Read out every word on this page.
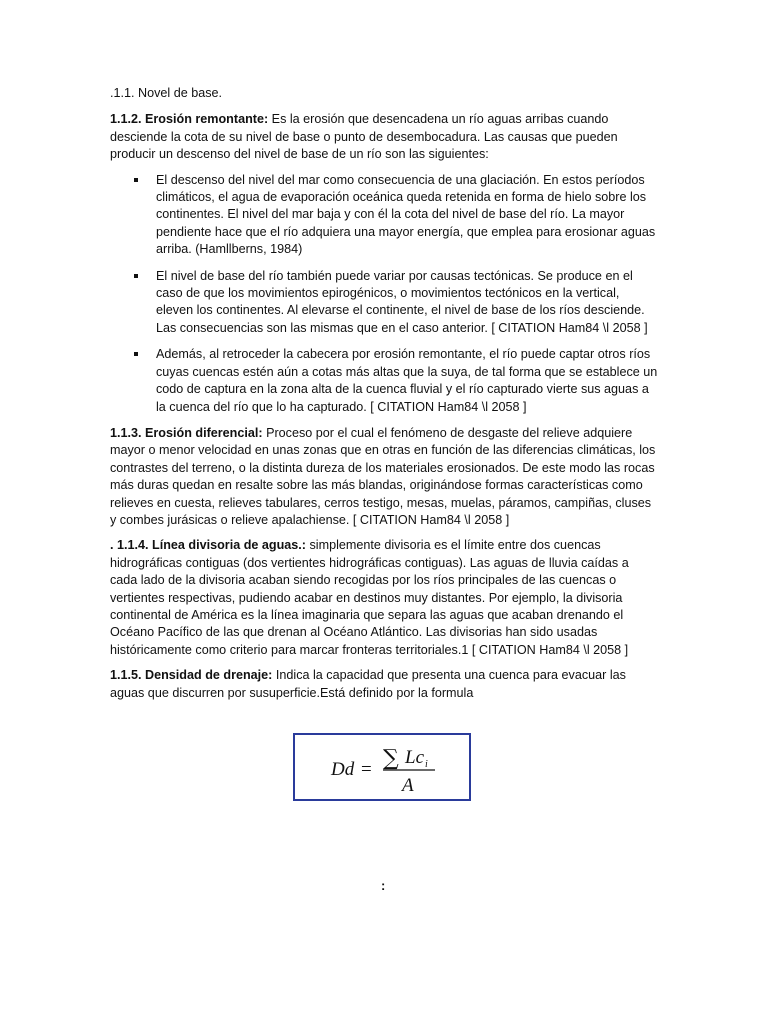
.1.1. Novel de base.

1.1.2. Erosión remontante: Es la erosión que desencadena un río aguas arribas cuando desciende la cota de su nivel de base o punto de desembocadura. Las causas que pueden producir un descenso del nivel de base de un río son las siguientes:

El descenso del nivel del mar como consecuencia de una glaciación. En estos períodos climáticos, el agua de evaporación oceánica queda retenida en forma de hielo sobre los continentes. El nivel del mar baja y con él la cota del nivel de base del río. La mayor pendiente hace que el río adquiera una mayor energía, que emplea para erosionar aguas arriba. (Hamllberns, 1984)
El nivel de base del río también puede variar por causas tectónicas. Se produce en el caso de que los movimientos epirogénicos, o movimientos tectónicos en la vertical, eleven los continentes. Al elevarse el continente, el nivel de base de los ríos desciende. Las consecuencias son las mismas que en el caso anterior. [ CITATION Ham84 \l 2058 ]
Además, al retroceder la cabecera por erosión remontante, el río puede captar otros ríos cuyas cuencas estén aún a cotas más altas que la suya, de tal forma que se establece un codo de captura en la zona alta de la cuenca fluvial y el río capturado vierte sus aguas a la cuenca del río que lo ha capturado. [ CITATION Ham84 \l 2058 ]

1.1.3. Erosión diferencial: Proceso por el cual el fenómeno de desgaste del relieve adquiere mayor o menor velocidad en unas zonas que en otras en función de las diferencias climáticas, los contrastes del terreno, o la distinta dureza de los materiales erosionados. De este modo las rocas más duras quedan en resalte sobre las más blandas, originándose formas características como relieves en cuesta, relieves tabulares, cerros testigo, mesas, muelas, páramos, campiñas, cluses y combes jurásicas o relieve apalachiense. [ CITATION Ham84 \l 2058 ]

. 1.1.4. Línea divisoria de aguas.: simplemente divisoria es el límite entre dos cuencas hidrográficas contiguas (dos vertientes hidrográficas contiguas). Las aguas de lluvia caídas a cada lado de la divisoria acaban siendo recogidas por los ríos principales de las cuencas o vertientes respectivas, pudiendo acabar en destinos muy distantes. Por ejemplo, la divisoria continental de América es la línea imaginaria que separa las aguas que acaban drenando el Océano Pacífico de las que drenan al Océano Atlántico. Las divisorias han sido usadas históricamente como criterio para marcar fronteras territoriales.1 [ CITATION Ham84 \l 2058 ]

1.1.5. Densidad de drenaje: Indica la capacidad que presenta una cuenca para evacuar las aguas que discurren por susuperficie.Está definido por la formula

Dd = ∑ Lc i
A
:
